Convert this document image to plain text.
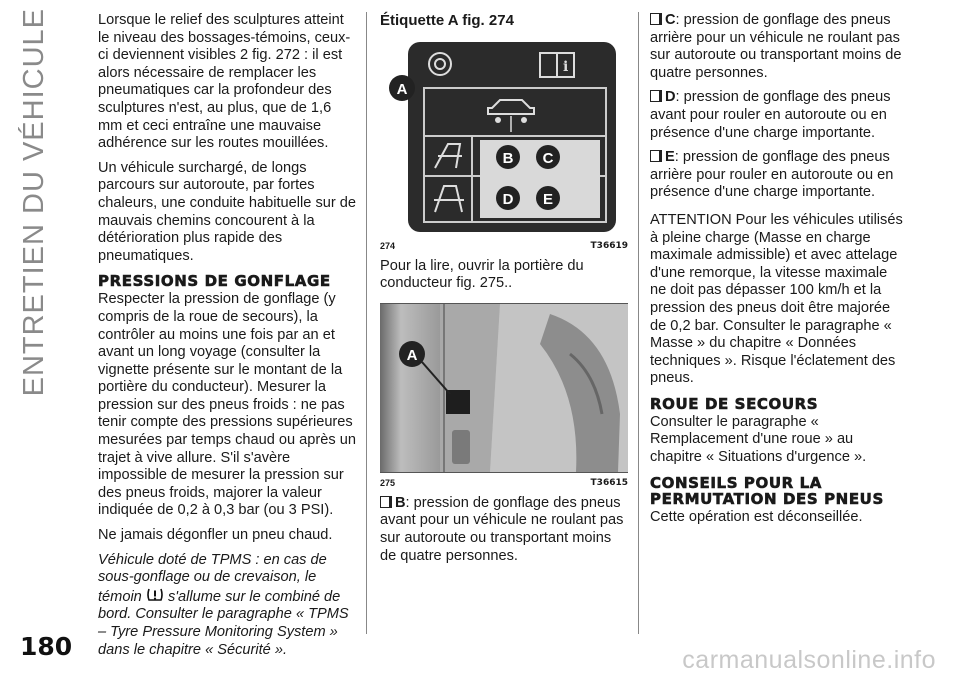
ENTRETIEN DU VÉHICULE
180

Lorsque le relief des sculptures atteint le niveau des bossages-témoins, ceux-ci deviennent visibles 2 fig. 272 : il est alors nécessaire de remplacer les pneumatiques car la profondeur des sculptures n'est, au plus, que de 1,6 mm et ceci entraîne une mauvaise adhérence sur les routes mouillées.

Un véhicule surchargé, de longs parcours sur autoroute, par fortes chaleurs, une conduite habituelle sur de mauvais chemins concourent à la détérioration plus rapide des pneumatiques.

PRESSIONS DE GONFLAGE

Respecter la pression de gonflage (y compris de la roue de secours), la contrôler au moins une fois par an et avant un long voyage (consulter la vignette présente sur le montant de la portière du conducteur). Mesurer la pression sur des pneus froids : ne pas tenir compte des pressions supérieures mesurées par temps chaud ou après un trajet à vive allure. S'il s'avère impossible de mesurer la pression sur des pneus froids, majorer la valeur indiquée de 0,2 à 0,3 bar (ou 3 PSI).

Ne jamais dégonfler un pneu chaud.

Véhicule doté de TPMS : en cas de sous-gonflage ou de crevaison, le témoin s'allume sur le combiné de bord. Consulter le paragraphe « TPMS – Tyre Pressure Monitoring System » dans le chapitre « Sécurité ».

Étiquette A fig. 274
i
B C
D E
A
274	T36619

Pour la lire, ouvrir la portière du conducteur fig. 275..

A
275	T36615

B: pression de gonflage des pneus avant pour un véhicule ne roulant pas sur autoroute ou transportant moins de quatre personnes.

C: pression de gonflage des pneus arrière pour un véhicule ne roulant pas sur autoroute ou transportant moins de quatre personnes.

D: pression de gonflage des pneus avant pour rouler en autoroute ou en présence d'une charge importante.

E: pression de gonflage des pneus arrière pour rouler en autoroute ou en présence d'une charge importante.

ATTENTION Pour les véhicules utilisés à pleine charge (Masse en charge maximale admissible) et avec attelage d'une remorque, la vitesse maximale ne doit pas dépasser 100 km/h et la pression des pneus doit être majorée de 0,2 bar. Consulter le paragraphe « Masse » du chapitre « Données techniques ». Risque l'éclatement des pneus.

ROUE DE SECOURS

Consulter le paragraphe « Remplacement d'une roue » au chapitre « Situations d'urgence ».

CONSEILS POUR LA PERMUTATION DES PNEUS

Cette opération est déconseillée.

carmanualsonline.info
